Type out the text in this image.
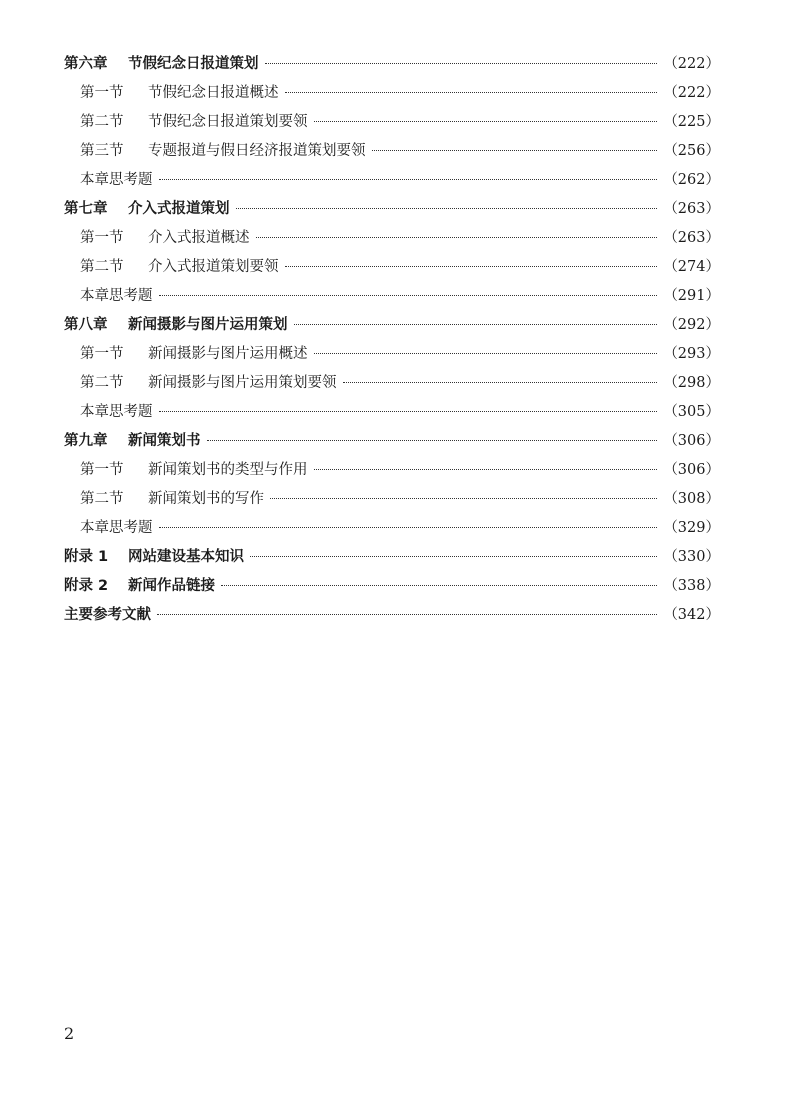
第六章	节假纪念日报道策划	（222）
第一节	节假纪念日报道概述	（222）
第二节	节假纪念日报道策划要领	（225）
第三节	专题报道与假日经济报道策划要领	（256）
本章思考题	（262）
第七章	介入式报道策划	（263）
第一节	介入式报道概述	（263）
第二节	介入式报道策划要领	（274）
本章思考题	（291）
第八章	新闻摄影与图片运用策划	（292）
第一节	新闻摄影与图片运用概述	（293）
第二节	新闻摄影与图片运用策划要领	（298）
本章思考题	（305）
第九章	新闻策划书	（306）
第一节	新闻策划书的类型与作用	（306）
第二节	新闻策划书的写作	（308）
本章思考题	（329）
附录 1	网站建设基本知识	（330）
附录 2	新闻作品链接	（338）
主要参考文献	（342）
2
